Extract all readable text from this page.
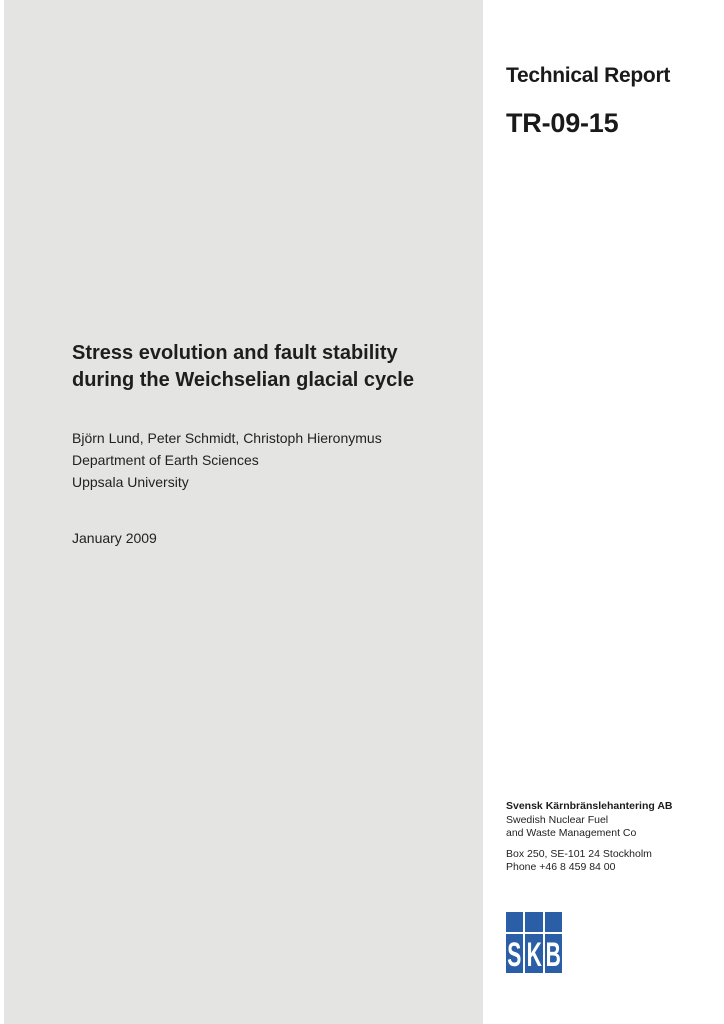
Technical Report
TR-09-15
Stress evolution and fault stability
during the Weichselian glacial cycle
Björn Lund, Peter Schmidt, Christoph Hieronymus
Department of Earth Sciences
Uppsala University
January 2009
Svensk Kärnbränslehantering AB
Swedish Nuclear Fuel
and Waste Management Co
Box 250, SE-101 24 Stockholm
Phone +46 8 459 84 00
S K B
